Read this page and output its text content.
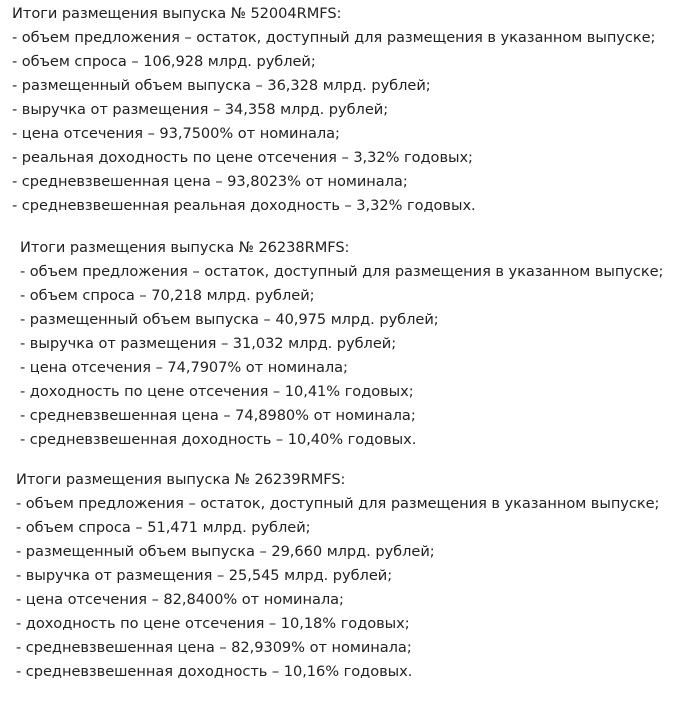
Итоги размещения выпуска № 52004RMFS:
- объем предложения – остаток, доступный для размещения в указанном выпуске;
- объем спроса – 106,928 млрд. рублей;
- размещенный объем выпуска – 36,328 млрд. рублей;
- выручка от размещения – 34,358 млрд. рублей;
- цена отсечения – 93,7500% от номинала;
- реальная доходность по цене отсечения – 3,32% годовых;
- средневзвешенная цена – 93,8023% от номинала;
- средневзвешенная реальная доходность – 3,32% годовых.
Итоги размещения выпуска № 26238RMFS:
- объем предложения – остаток, доступный для размещения в указанном выпуске;
- объем спроса – 70,218 млрд. рублей;
- размещенный объем выпуска – 40,975 млрд. рублей;
- выручка от размещения – 31,032 млрд. рублей;
- цена отсечения – 74,7907% от номинала;
- доходность по цене отсечения – 10,41% годовых;
- средневзвешенная цена – 74,8980% от номинала;
- средневзвешенная доходность – 10,40% годовых.
Итоги размещения выпуска № 26239RMFS:
- объем предложения – остаток, доступный для размещения в указанном выпуске;
- объем спроса – 51,471 млрд. рублей;
- размещенный объем выпуска – 29,660 млрд. рублей;
- выручка от размещения – 25,545 млрд. рублей;
- цена отсечения – 82,8400% от номинала;
- доходность по цене отсечения – 10,18% годовых;
- средневзвешенная цена – 82,9309% от номинала;
- средневзвешенная доходность – 10,16% годовых.
